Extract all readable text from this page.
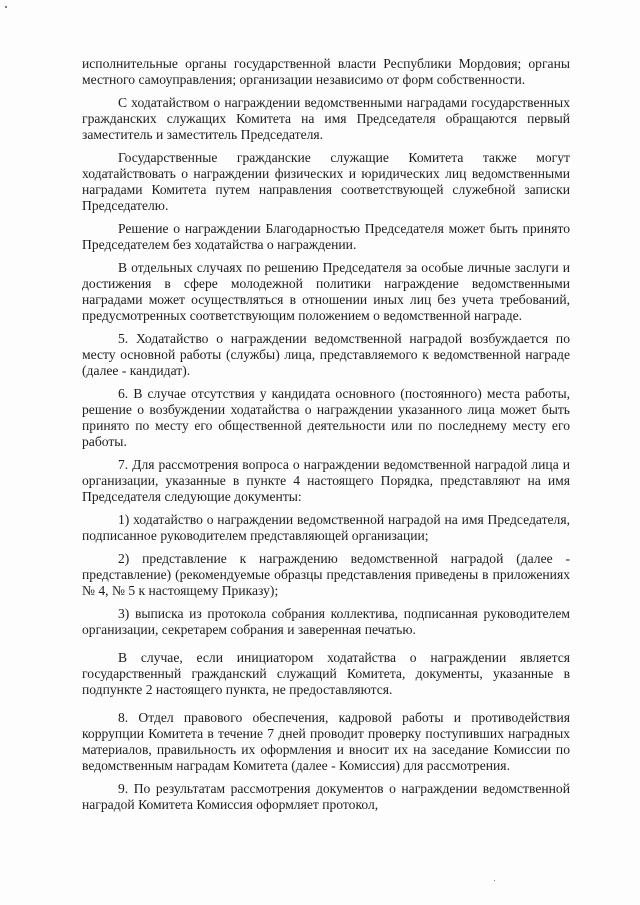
исполнительные органы государственной власти Республики Мордовия; органы местного самоуправления; организации независимо от форм собственности.

С ходатайством о награждении ведомственными наградами государственных гражданских служащих Комитета на имя Председателя обращаются первый заместитель и заместитель Председателя.

Государственные гражданские служащие Комитета также могут ходатайствовать о награждении физических и юридических лиц ведомственными наградами Комитета путем направления соответствующей служебной записки Председателю.

Решение о награждении Благодарностью Председателя может быть принято Председателем без ходатайства о награждении.

В отдельных случаях по решению Председателя за особые личные заслуги и достижения в сфере молодежной политики награждение ведомственными наградами может осуществляться в отношении иных лиц без учета требований, предусмотренных соответствующим положением о ведомственной награде.

5. Ходатайство о награждении ведомственной наградой возбуждается по месту основной работы (службы) лица, представляемого к ведомственной награде (далее - кандидат).

6. В случае отсутствия у кандидата основного (постоянного) места работы, решение о возбуждении ходатайства о награждении указанного лица может быть принято по месту его общественной деятельности или по последнему месту его работы.

7. Для рассмотрения вопроса о награждении ведомственной наградой лица и организации, указанные в пункте 4 настоящего Порядка, представляют на имя Председателя следующие документы:

1) ходатайство о награждении ведомственной наградой на имя Председателя, подписанное руководителем представляющей организации;

2) представление к награждению ведомственной наградой (далее - представление) (рекомендуемые образцы представления приведены в приложениях № 4, № 5 к настоящему Приказу);

3) выписка из протокола собрания коллектива, подписанная руководителем организации, секретарем собрания и заверенная печатью.

В случае, если инициатором ходатайства о награждении является государственный гражданский служащий Комитета, документы, указанные в подпункте 2 настоящего пункта, не предоставляются.

8. Отдел правового обеспечения, кадровой работы и противодействия коррупции Комитета в течение 7 дней проводит проверку поступивших наградных материалов, правильность их оформления и вносит их на заседание Комиссии по ведомственным наградам Комитета (далее - Комиссия) для рассмотрения.

9. По результатам рассмотрения документов о награждении ведомственной наградой Комитета Комиссия оформляет протокол,
